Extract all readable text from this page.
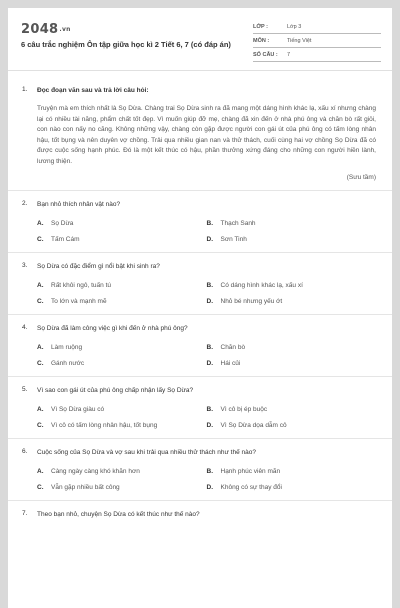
2048.vn
6 câu trắc nghiệm Ôn tập giữa học kì 2 Tiết 6, 7 (có đáp án)
LỚP :	Lớp 3
MÔN :	Tiếng Việt
SỐ CÂU :	7
1. Đọc đoạn văn sau và trả lời câu hỏi:
Truyện mà em thích nhất là Sọ Dừa. Chàng trai Sọ Dừa sinh ra đã mang một dáng hình khác lạ, xấu xí nhưng chàng lại có nhiều tài năng, phẩm chất tốt đẹp. Vì muốn giúp đỡ mẹ, chàng đã xin đến ở nhà phú ông và chăn bò rất giỏi, con nào con nấy no căng. Không những vậy, chàng còn gặp được người con gái út của phú ông có tấm lòng nhân hậu, tốt bụng và nên duyên vợ chồng. Trải qua nhiều gian nan và thử thách, cuối cùng hai vợ chồng Sọ Dừa đã có được cuộc sống hạnh phúc. Đó là một kết thúc có hậu, phần thưởng xứng đáng cho những con người hiền lành, lương thiện.
(Sưu tầm)
2. Bạn nhỏ thích nhân vật nào?
A.	Sọ Dừa	B.	Thạch Sanh
C.	Tấm Cám	D.	Sơn Tinh
3. Sọ Dừa có đặc điểm gì nổi bật khi sinh ra?
A.	Rất khôi ngô, tuấn tú	B.	Có dáng hình khác lạ, xấu xí
C.	To lớn và mạnh mẽ	D.	Nhỏ bé nhưng yếu ớt
4. Sọ Dừa đã làm công việc gì khi đến ở nhà phú ông?
A.	Làm ruộng	B.	Chăn bò
C.	Gánh nước	D.	Hái củi
5. Vì sao con gái út của phú ông chấp nhận lấy Sọ Dừa?
A.	Vì Sọ Dừa giàu có	B.	Vì cô bị ép buộc
C.	Vì cô có tấm lòng nhân hậu, tốt bụng	D.	Vì Sọ Dừa dọa dẫm cô
6. Cuộc sống của Sọ Dừa và vợ sau khi trải qua nhiều thử thách như thế nào?
A.	Càng ngày càng khó khăn hơn	B.	Hạnh phúc viên mãn
C.	Vẫn gặp nhiều bất công	D.	Không có sự thay đổi
7. Theo bạn nhỏ, chuyện Sọ Dừa có kết thúc như thế nào?
